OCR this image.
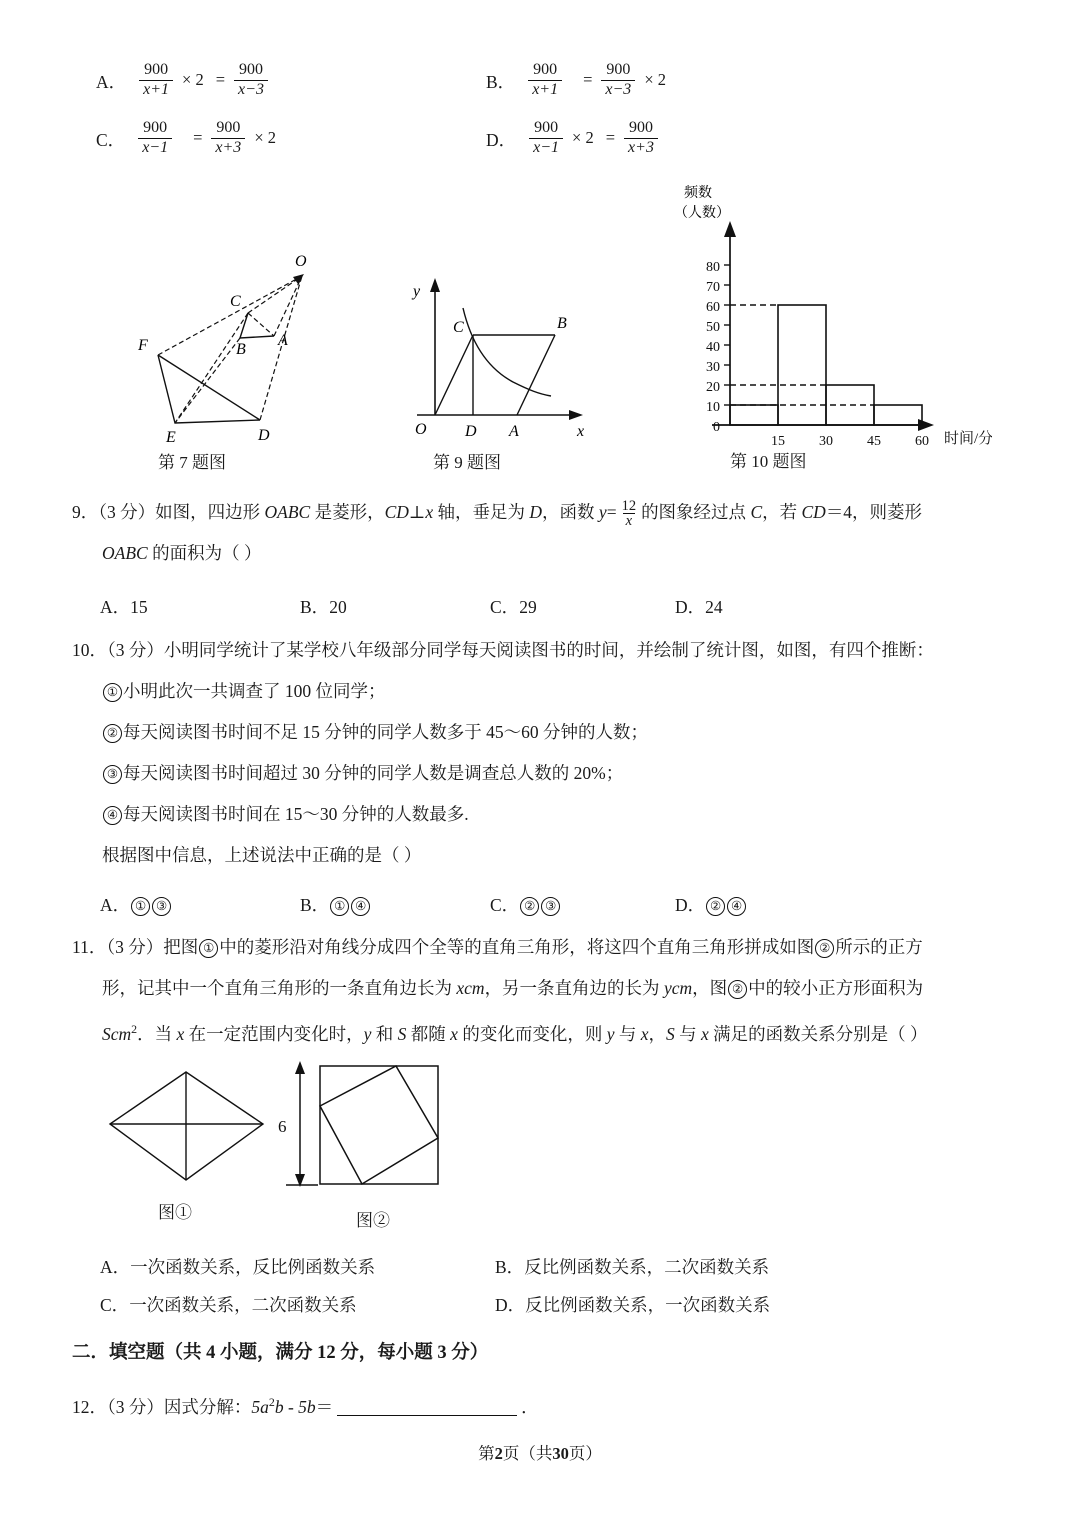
A． $\frac{900}{x+1} \times 2 = \frac{900}{x-3}$	B． $\frac{900}{x+1} = \frac{900}{x-3} \times 2$
C． $\frac{900}{x-1} = \frac{900}{x+3} \times 2$	D． $\frac{900}{x-1} \times 2 = \frac{900}{x+3}$
O
C
A
B
F
E	D
第 7 题图
y
x
O
C	B
D A
第 9 题图
频数
（人数）
0
10
20
30
40
50
60
70
80
15 30 45 60 时间/分
第 10 题图
9．（3 分）如图，四边形 OABC 是菱形，CD⊥x 轴，垂足为 D，函数 $y= \frac{12}{x}$ 的图象经过点 C，若 CD＝4，则菱形
OABC 的面积为（ ）
A．15	B．20	C．29	D．24
10．（3 分）小明同学统计了某学校八年级部分同学每天阅读图书的时间，并绘制了统计图，如图，有四个推断：
① 小明此次一共调查了 100 位同学；
② 每天阅读图书时间不足 15 分钟的同学人数多于 45～60 分钟的人数；
③ 每天阅读图书时间超过 30 分钟的同学人数是调查总人数的 20%；
④ 每天阅读图书时间在 15～30 分钟的人数最多.
根据图中信息，上述说法中正确的是（ ）
A． ① ③	B． ① ④	C． ② ③	D． ② ④
11．（3 分）把图 ① 中的菱形沿对角线分成四个全等的直角三角形，将这四个直角三角形拼成如图 ② 所示的正方
形，记其中一个直角三角形的一条直角边长为 xcm，另一条直角边的长为 ycm，图 ② 中的较小正方形面积为
Scm$^2$．当 x 在一定范围内变化时，y 和 S 都随 x 的变化而变化，则 y 与 x，S 与 x 满足的函数关系分别是（ ）
图①
6
图②
A．一次函数关系，反比例函数关系	B．反比例函数关系，二次函数关系
C．一次函数关系，二次函数关系	D．反比例函数关系，一次函数关系
二．填空题（共 4 小题，满分 12 分，每小题 3 分）
12．（3 分）因式分解：$5a^2b - 5b=$	．
第2页（共30页）
